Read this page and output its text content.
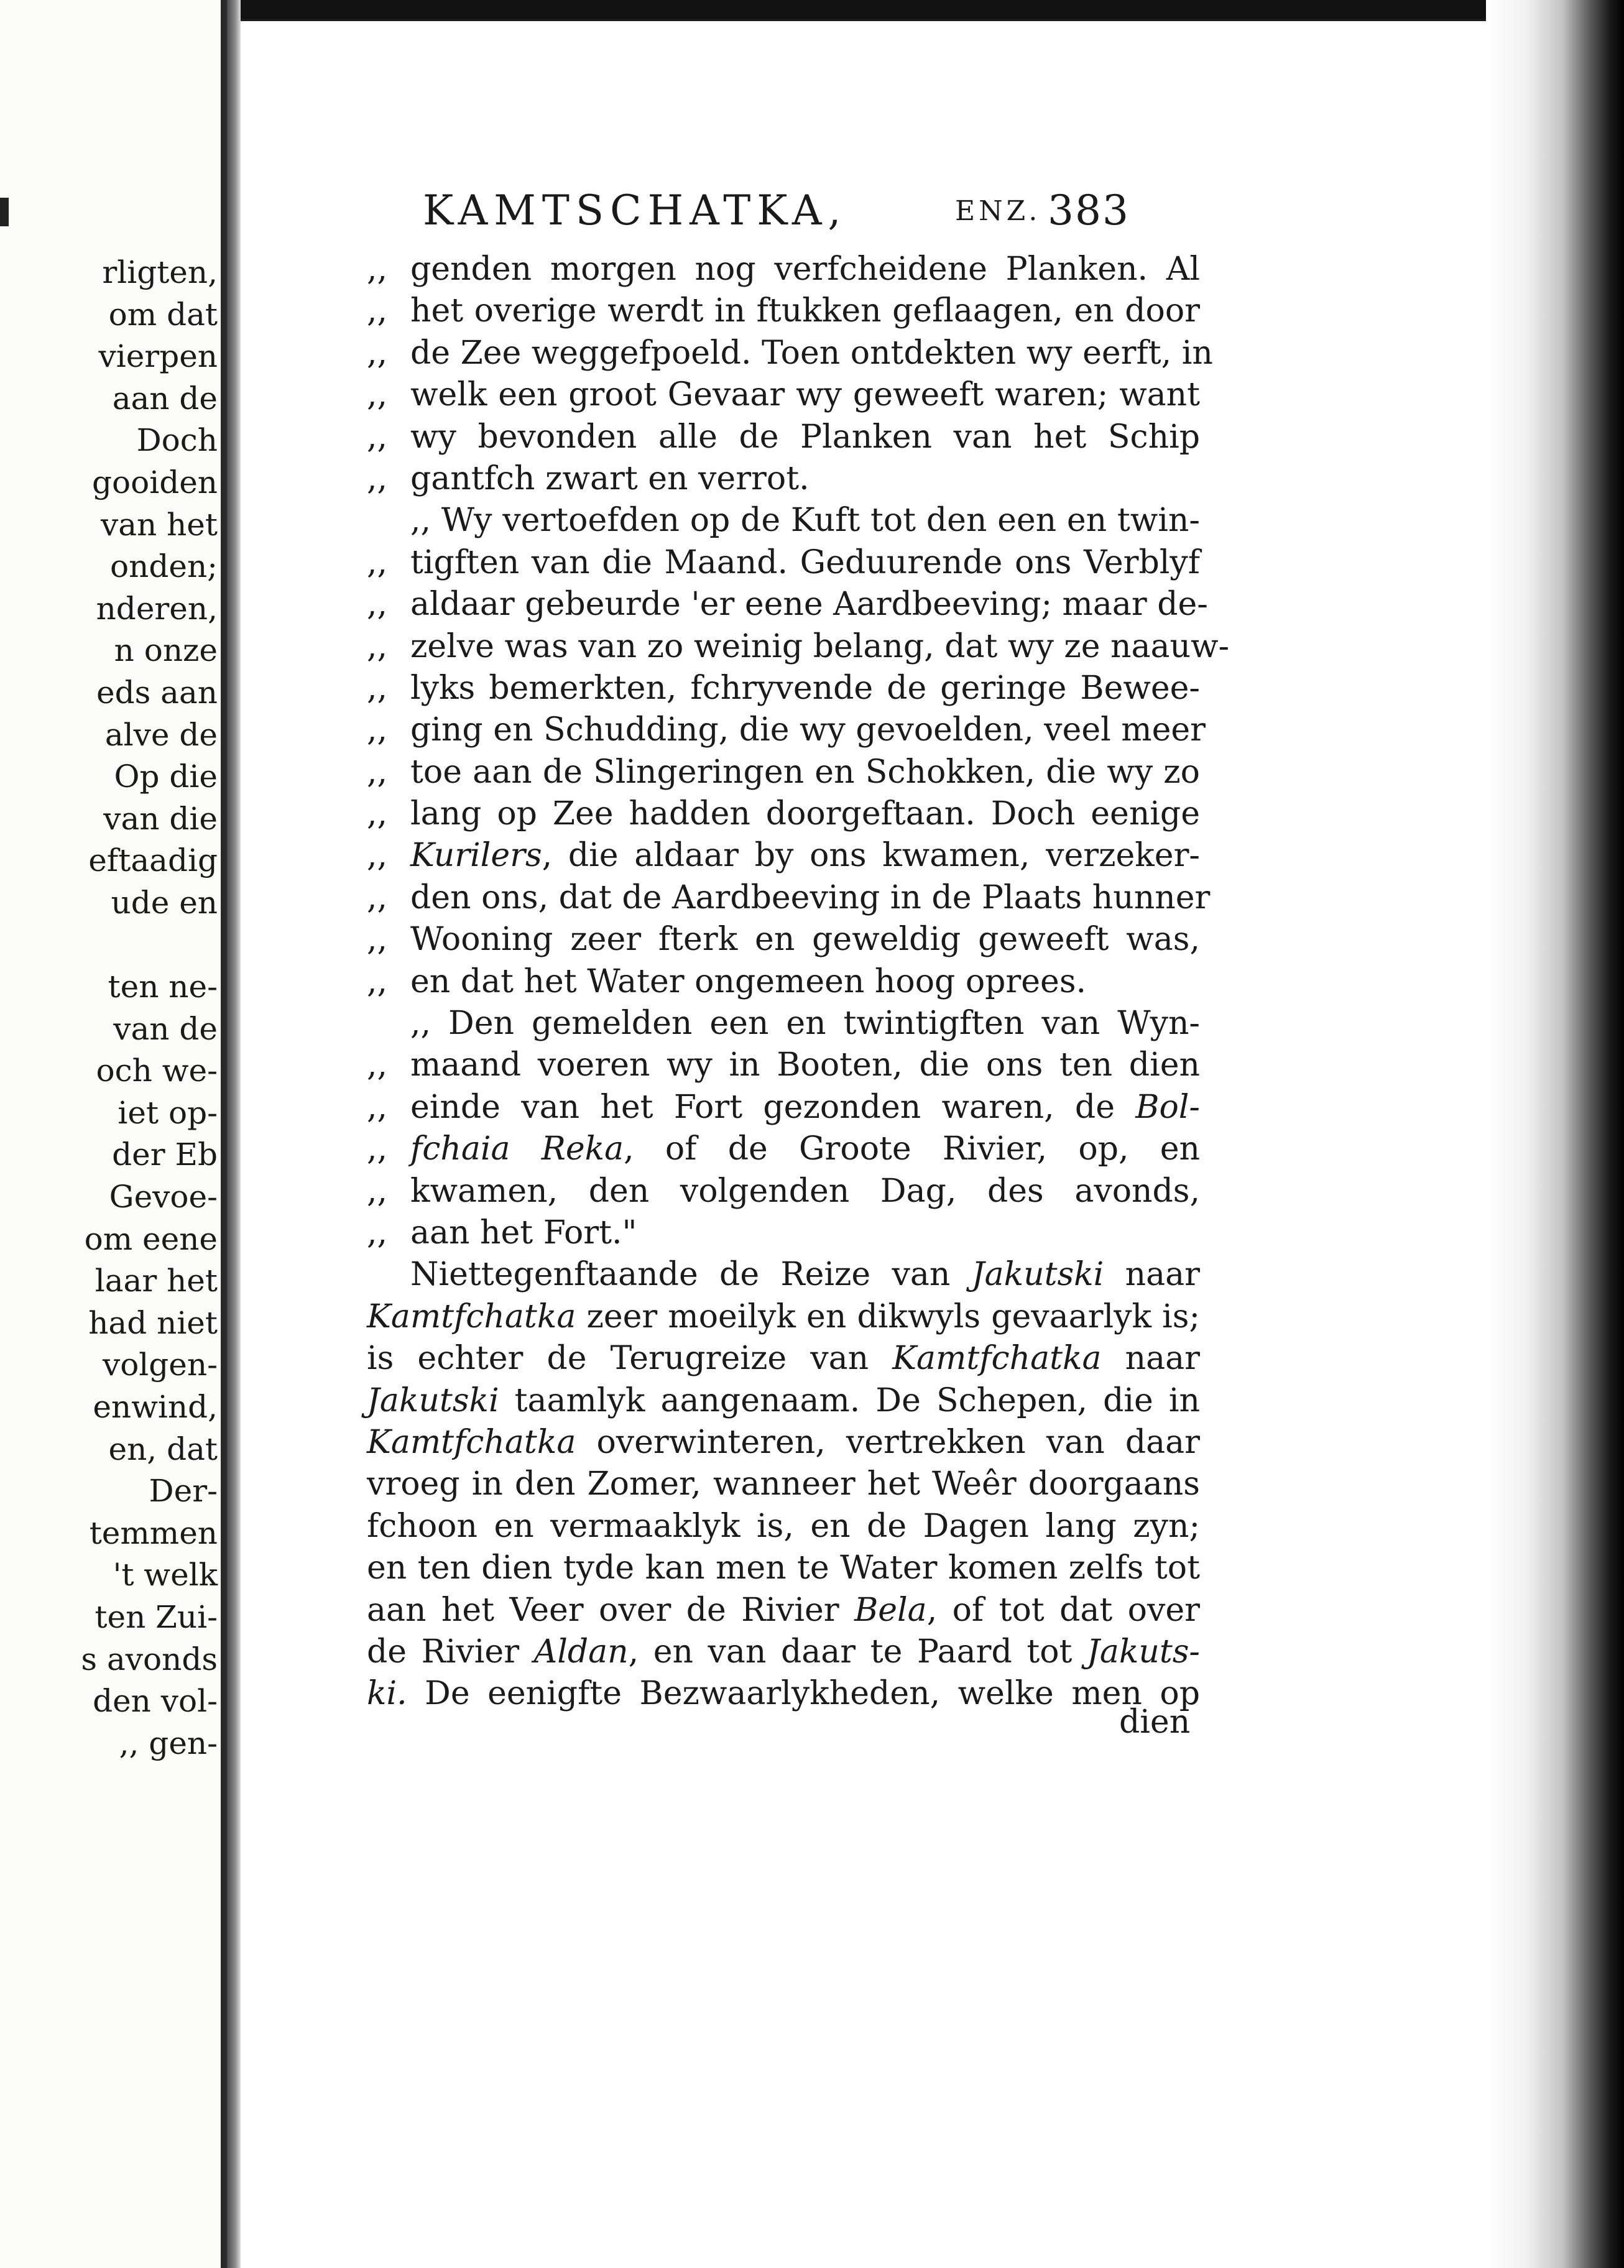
rligten,
om dat
vierpen
aan de
Doch
gooiden
van het
onden;
nderen,
n onze
eds aan
alve de
Op die
van die
eftaadig
ude en

ten ne-
van de
och we-
iet op-
der Eb
Gevoe-
om eene
laar het
had niet
volgen-
enwind,
en, dat
Der-
temmen
't welk
ten Zui-
s avonds
den vol-
,, gen-
KAMTSCHATKA,	ENZ. 383
,, genden morgen nog verfcheidene Planken. Al
,, het overige werdt in ftukken geflaagen, en door
,, de Zee weggefpoeld. Toen ontdekten wy eerft, in
,, welk een groot Gevaar wy geweeft waren; want
,, wy bevonden alle de Planken van het Schip
,, gantfch zwart en verrot.
,, Wy vertoefden op de Kuft tot den een en twin-
,, tigften van die Maand. Geduurende ons Verblyf
,, aldaar gebeurde 'er eene Aardbeeving; maar de-
,, zelve was van zo weinig belang, dat wy ze naauw-
,, lyks bemerkten, fchryvende de geringe Bewee-
,, ging en Schudding, die wy gevoelden, veel meer
,, toe aan de Slingeringen en Schokken, die wy zo
,, lang op Zee hadden doorgeftaan. Doch eenige
,, Kurilers, die aldaar by ons kwamen, verzeker-
,, den ons, dat de Aardbeeving in de Plaats hunner
,, Wooning zeer fterk en geweldig geweeft was,
,, en dat het Water ongemeen hoog oprees.
,, Den gemelden een en twintigften van Wyn-
,, maand voeren wy in Booten, die ons ten dien
,, einde van het Fort gezonden waren, de Bol-
,, fchaia Reka, of de Groote Rivier, op, en
,, kwamen, den volgenden Dag, des avonds,
,, aan het Fort."
Niettegenftaande de Reize van Jakutski naar
Kamtfchatka zeer moeilyk en dikwyls gevaarlyk is;
is echter de Terugreize van Kamtfchatka naar
Jakutski taamlyk aangenaam. De Schepen, die in
Kamtfchatka overwinteren, vertrekken van daar
vroeg in den Zomer, wanneer het Weêr doorgaans
fchoon en vermaaklyk is, en de Dagen lang zyn;
en ten dien tyde kan men te Water komen zelfs tot
aan het Veer over de Rivier Bela, of tot dat over
de Rivier Aldan, en van daar te Paard tot Jakuts-
ki. De eenigfte Bezwaarlykheden, welke men op
dien
